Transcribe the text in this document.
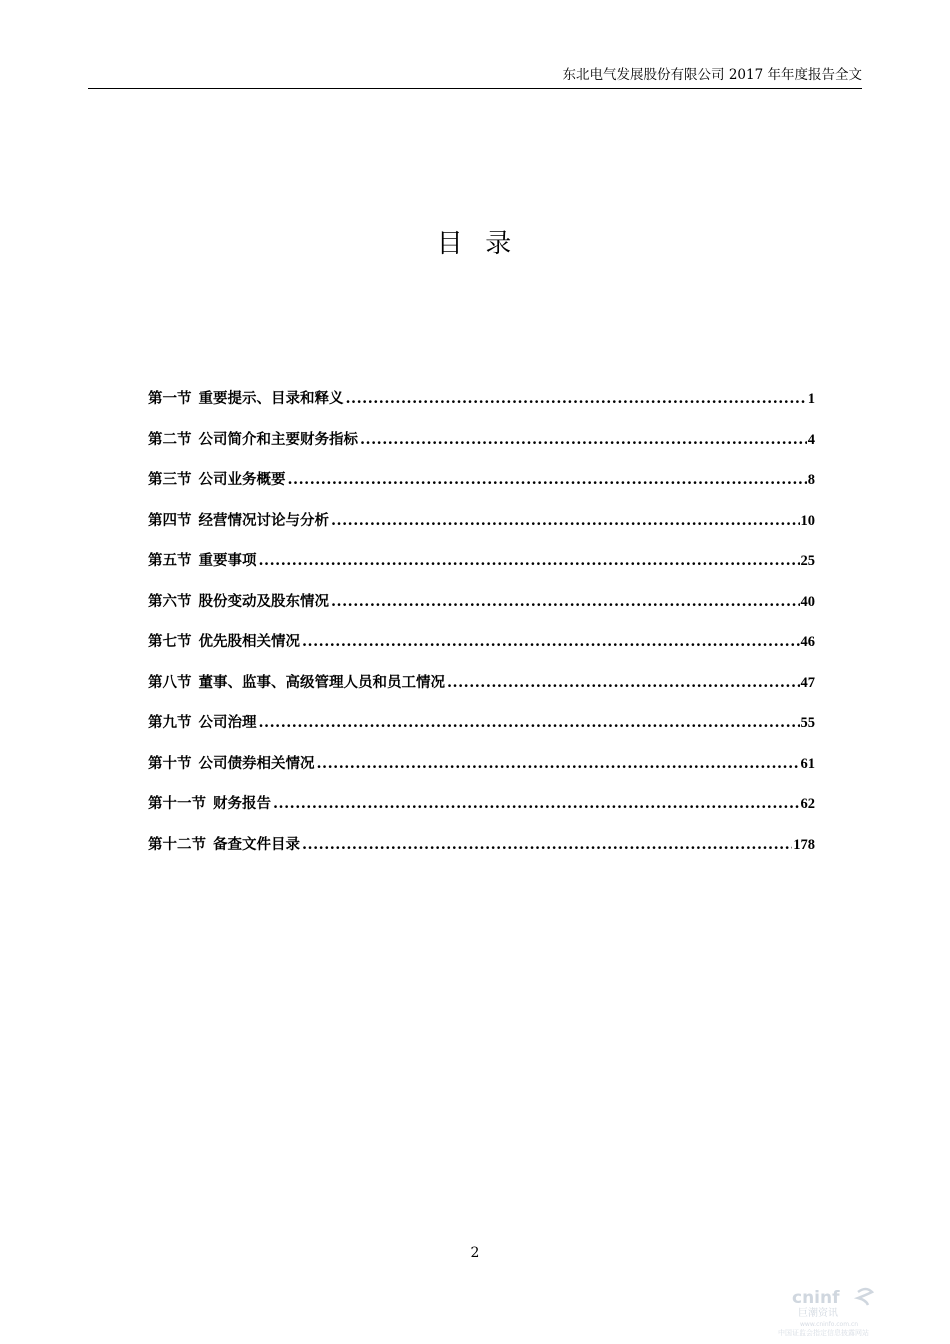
东北电气发展股份有限公司 2017 年年度报告全文
目  录
第一节 重要提示、目录和释义 .....	1
第二节 公司简介和主要财务指标 .....	4
第三节 公司业务概要 .....	8
第四节 经营情况讨论与分析 .....	10
第五节 重要事项 .....	25
第六节 股份变动及股东情况 .....	40
第七节 优先股相关情况 .....	46
第八节 董事、监事、高级管理人员和员工情况 .....	47
第九节 公司治理 .....	55
第十节 公司债券相关情况 .....	61
第十一节 财务报告 .....	62
第十二节 备查文件目录 .....	178
2
cninf
巨潮资讯
www.cninfo.com.cn
中国证监会指定信息披露网站
